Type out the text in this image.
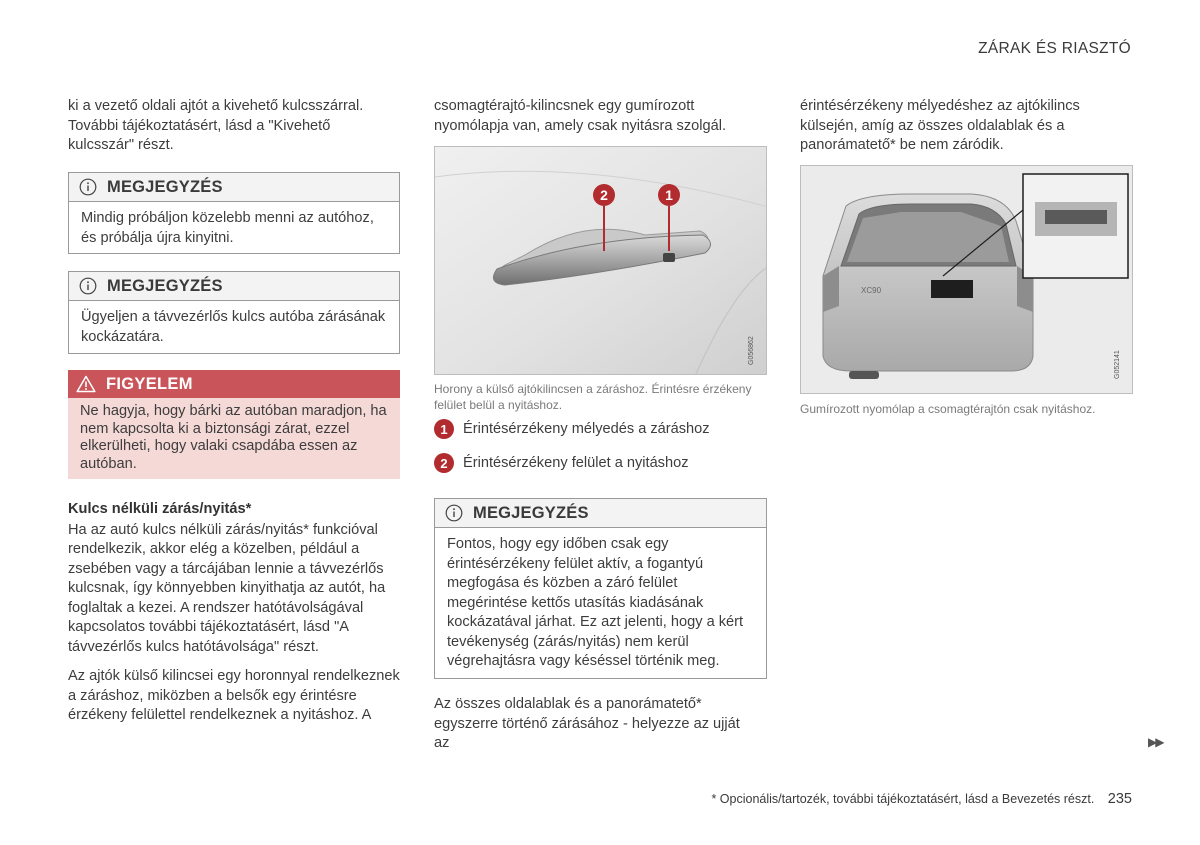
ZÁRAK ÉS RIASZTÓ
ki a vezető oldali ajtót a kivehető kulcsszárral. További tájékoztatásért, lásd a "Kivehető kulcsszár" részt.
MEGJEGYZÉS
Mindig próbáljon közelebb menni az autóhoz, és próbálja újra kinyitni.
MEGJEGYZÉS
Ügyeljen a távvezérlős kulcs autóba zárásának kockázatára.
FIGYELEM
Ne hagyja, hogy bárki az autóban maradjon, ha nem kapcsolta ki a biztonsági zárat, ezzel elkerülheti, hogy valaki csapdába essen az autóban.

Kulcs nélküli zárás/nyitás*

Ha az autó kulcs nélküli zárás/nyitás* funkcióval rendelkezik, akkor elég a közelben, például a zsebében vagy a tárcájában lennie a távvezérlős kulcsnak, így könnyebben kinyithatja az autót, ha foglaltak a kezei. A rendszer hatótávolságával kapcsolatos további tájékoztatásért, lásd "A távvezérlős kulcs hatótávolsága" részt.

Az ajtók külső kilincsei egy horonnyal rendelkeznek a záráshoz, miközben a belsők egy érintésre érzékeny felülettel rendelkeznek a nyitáshoz. A

csomagtérajtó-kilincsnek egy gumírozott nyomólapja van, amely csak nyitásra szolgál.
2	1
G056862
Horony a külső ajtókilincsen a záráshoz. Érintésre érzékeny felület belül a nyitáshoz.
1	Érintésérzékeny mélyedés a záráshoz
2	Érintésérzékeny felület a nyitáshoz
MEGJEGYZÉS
Fontos, hogy egy időben csak egy érintésérzékeny felület aktív, a fogantyú megfogása és közben a záró felület megérintése kettős utasítás kiadásának kockázatával járhat. Ez azt jelenti, hogy a kért tevékenység (zárás/nyitás) nem kerül végrehajtásra vagy késéssel történik meg.
Az összes oldalablak és a panorámatető* egyszerre történő zárásához - helyezze az ujját az
érintésérzékeny mélyedéshez az ajtókilincs külsején, amíg az összes oldalablak és a panorámatető* be nem záródik.
XC90
G052141
Gumírozott nyomólap a csomagtérajtón csak nyitáshoz.
▶▶
* Opcionális/tartozék, további tájékoztatásért, lásd a Bevezetés részt. 235
